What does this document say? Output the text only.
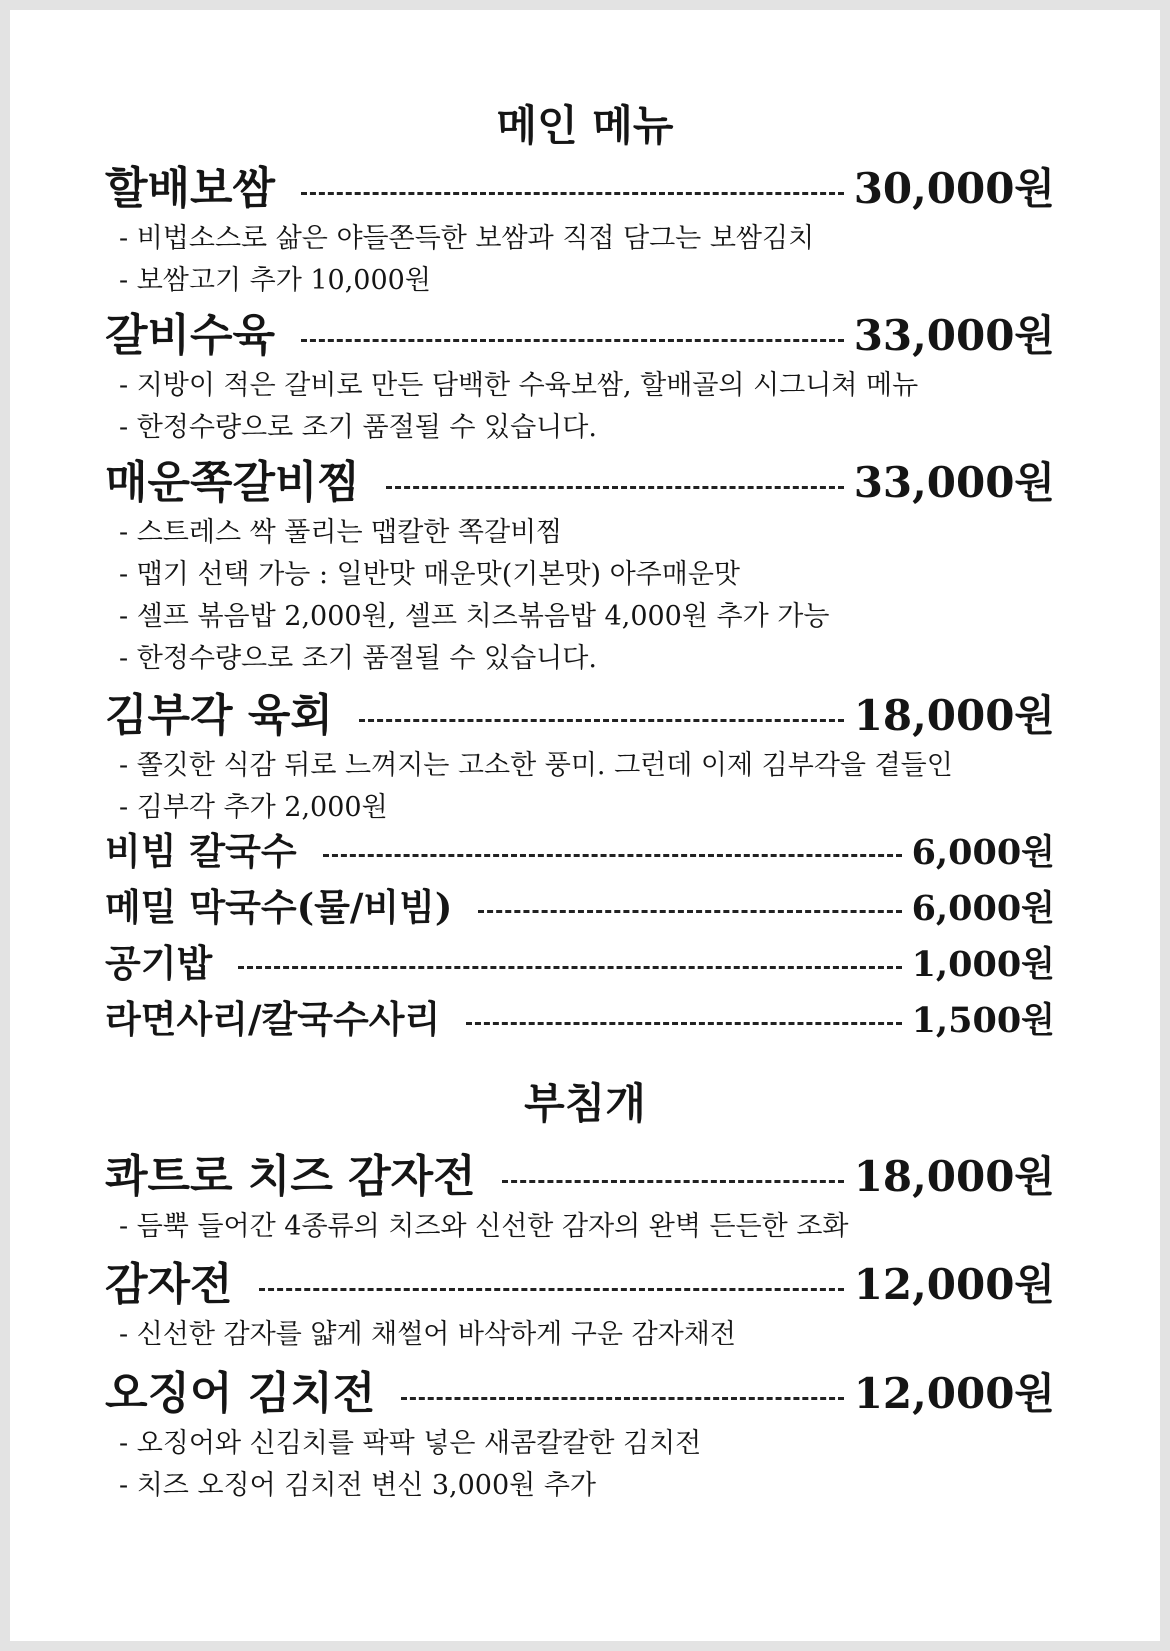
메인 메뉴
할배보쌈	30,000원
- 비법소스로 삶은 야들쫀득한 보쌈과 직접 담그는 보쌈김치
- 보쌈고기 추가 10,000원
갈비수육	33,000원
- 지방이 적은 갈비로 만든 담백한 수육보쌈, 할배골의 시그니쳐 메뉴
- 한정수량으로 조기 품절될 수 있습니다.
매운쪽갈비찜	33,000원
- 스트레스 싹 풀리는 맵칼한 쪽갈비찜
- 맵기 선택 가능 : 일반맛 매운맛(기본맛) 아주매운맛
- 셀프 볶음밥 2,000원, 셀프 치즈볶음밥 4,000원 추가 가능
- 한정수량으로 조기 품절될 수 있습니다.
김부각 육회	18,000원
- 쫄깃한 식감 뒤로 느껴지는 고소한 풍미. 그런데 이제 김부각을 곁들인
- 김부각 추가 2,000원
비빔 칼국수	6,000원
메밀 막국수(물/비빔)	6,000원
공기밥	1,000원
라면사리/칼국수사리	1,500원
부침개
콰트로 치즈 감자전	18,000원
- 듬뿍 들어간 4종류의 치즈와 신선한 감자의 완벽 든든한 조화
감자전	12,000원
- 신선한 감자를 얇게 채썰어 바삭하게 구운 감자채전
오징어 김치전	12,000원
- 오징어와 신김치를 팍팍 넣은 새콤칼칼한 김치전
- 치즈 오징어 김치전 변신 3,000원 추가
